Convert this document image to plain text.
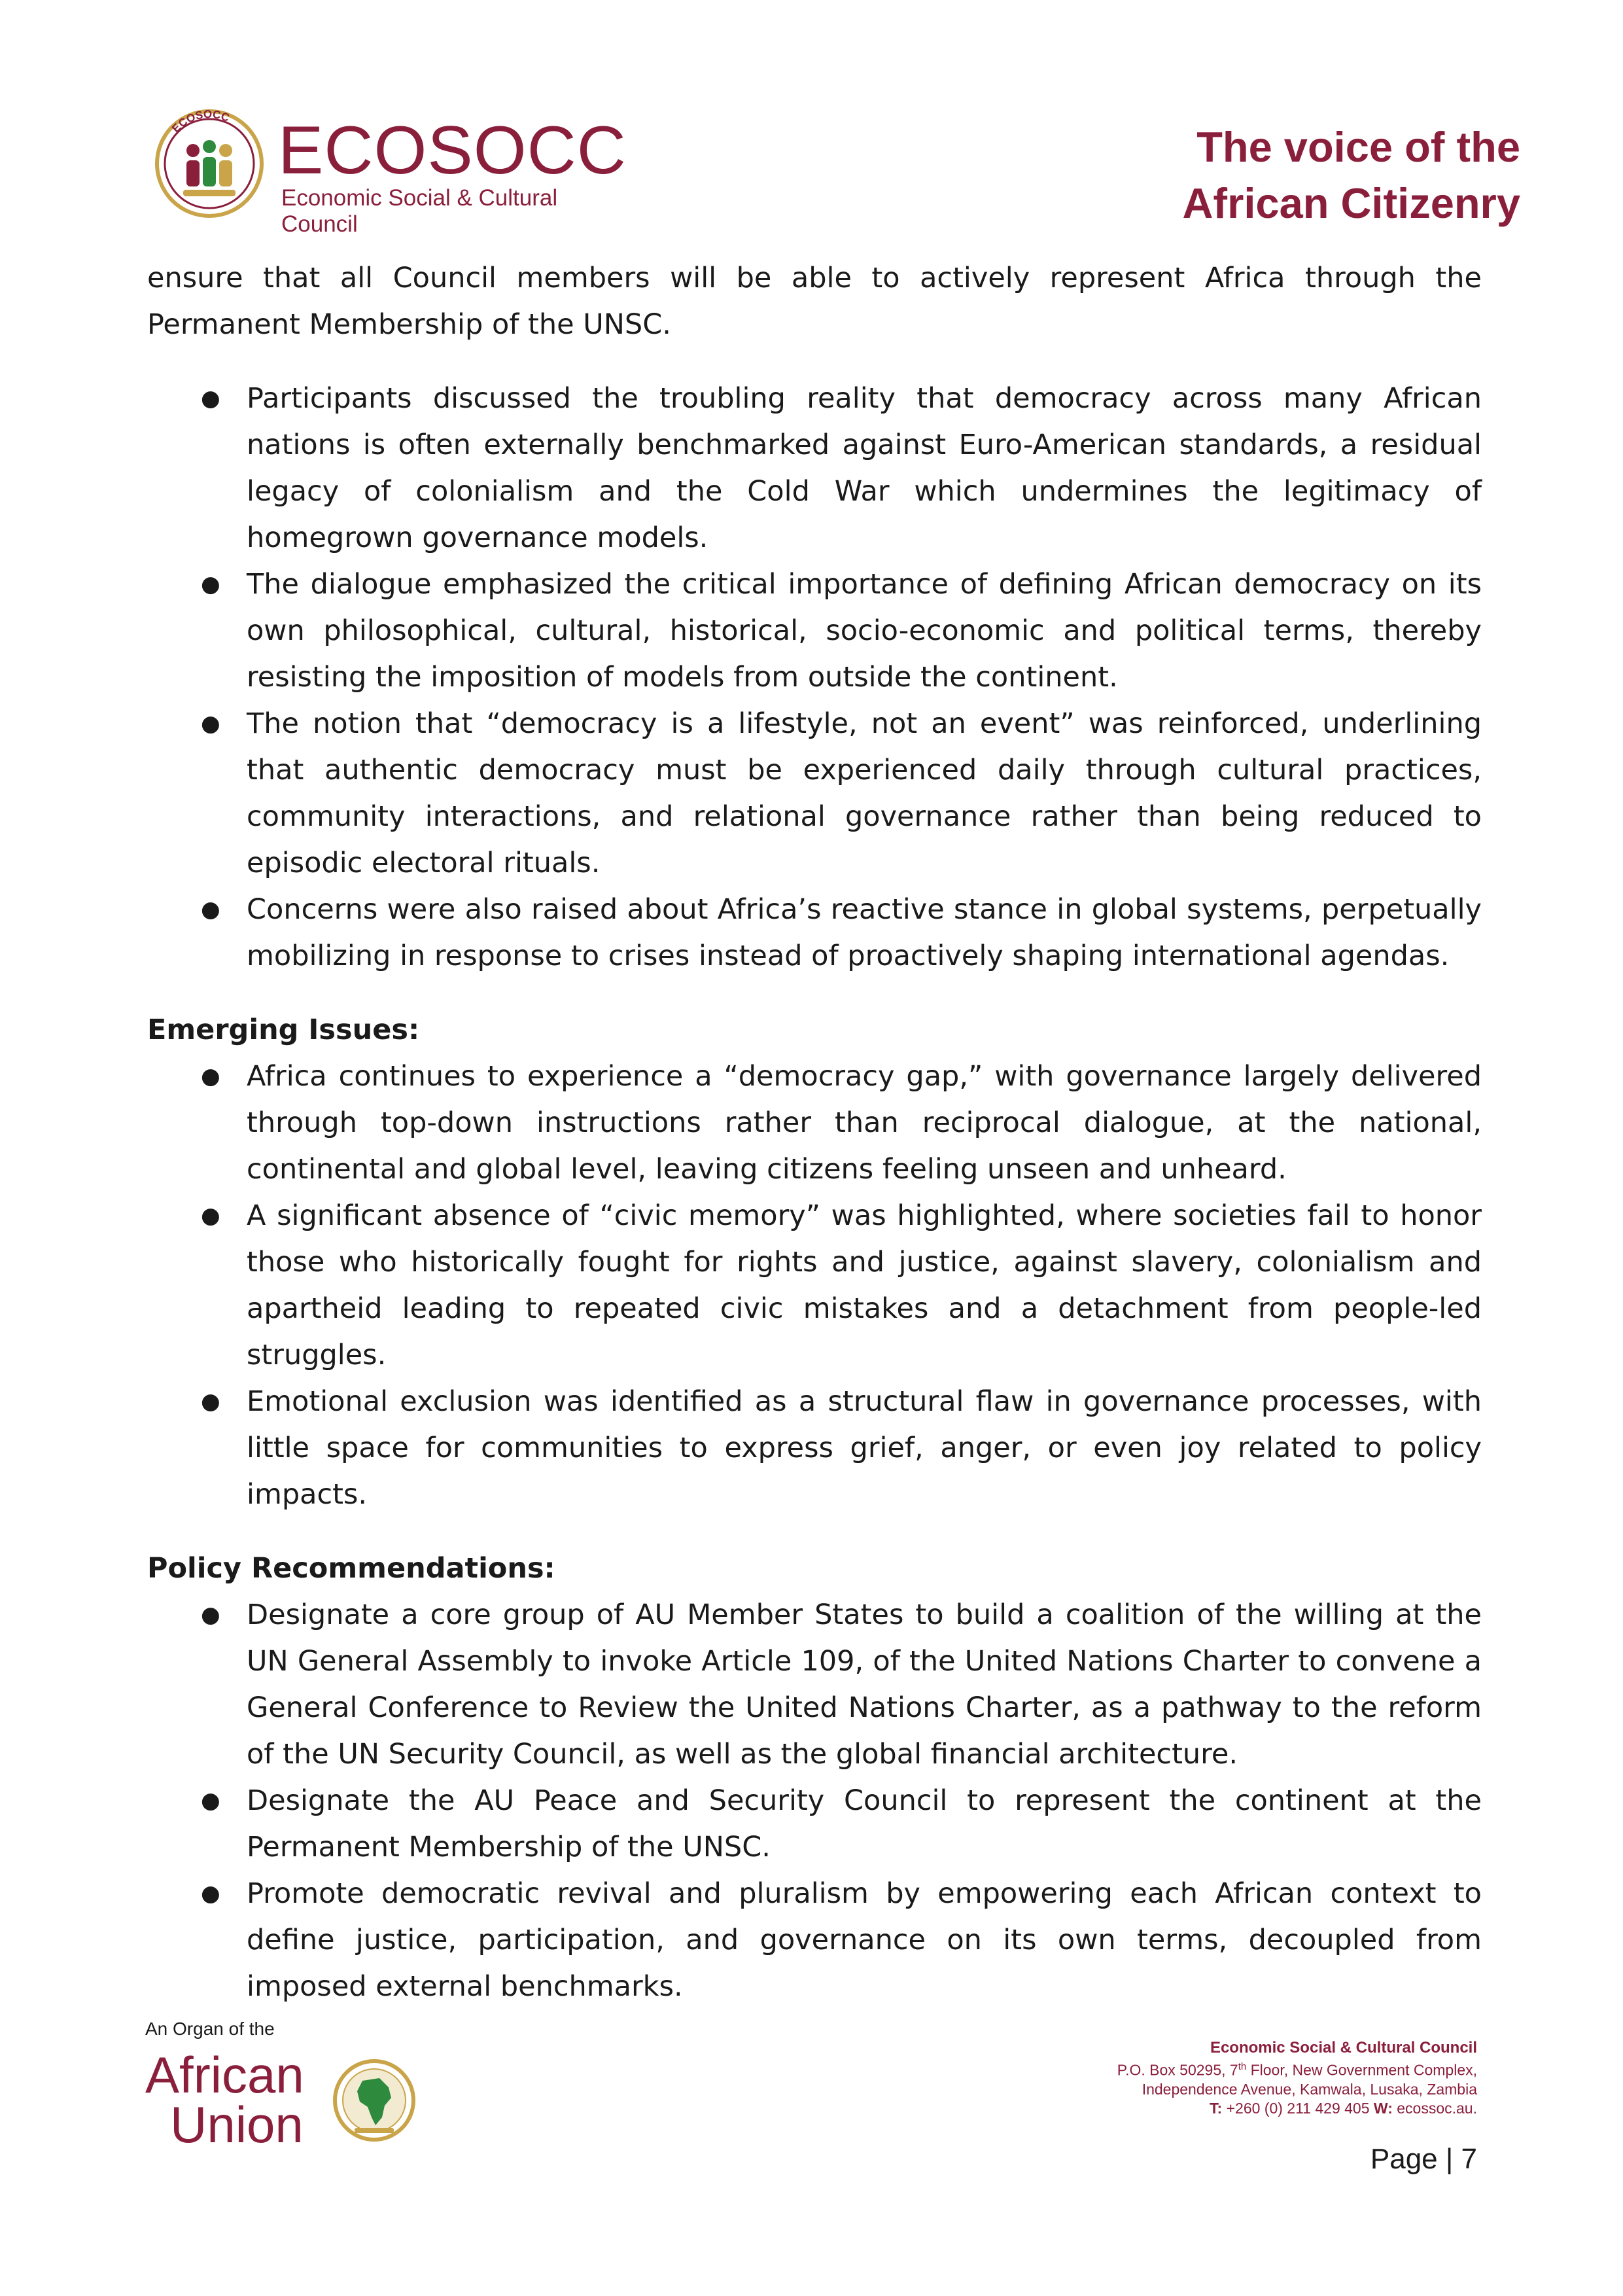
ECOSOCC ECOSOCC
Economic Social & Cultural Council
The voice of the
African Citizenry

ensure that all Council members will be able to actively represent Africa through the Permanent Membership of the UNSC.

● Participants discussed the troubling reality that democracy across many African nations is often externally benchmarked against Euro-American standards, a residual legacy of colonialism and the Cold War which undermines the legitimacy of homegrown governance models.
● The dialogue emphasized the critical importance of defining African democracy on its own philosophical, cultural, historical, socio-economic and political terms, thereby resisting the imposition of models from outside the continent.
● The notion that “democracy is a lifestyle, not an event” was reinforced, underlining that authentic democracy must be experienced daily through cultural practices, community interactions, and relational governance rather than being reduced to episodic electoral rituals.
● Concerns were also raised about Africa’s reactive stance in global systems, perpetually mobilizing in response to crises instead of proactively shaping international agendas.

Emerging Issues:

● Africa continues to experience a “democracy gap,” with governance largely delivered through top-down instructions rather than reciprocal dialogue, at the national, continental and global level, leaving citizens feeling unseen and unheard.
● A significant absence of “civic memory” was highlighted, where societies fail to honor those who historically fought for rights and justice, against slavery, colonialism and apartheid leading to repeated civic mistakes and a detachment from people-led struggles.
● Emotional exclusion was identified as a structural flaw in governance processes, with little space for communities to express grief, anger, or even joy related to policy impacts.

Policy Recommendations:

● Designate a core group of AU Member States to build a coalition of the willing at the UN General Assembly to invoke Article 109, of the United Nations Charter to convene a General Conference to Review the United Nations Charter, as a pathway to the reform of the UN Security Council, as well as the global financial architecture.
● Designate the AU Peace and Security Council to represent the continent at the Permanent Membership of the UNSC.
● Promote democratic revival and pluralism by empowering each African context to define justice, participation, and governance on its own terms, decoupled from imposed external benchmarks.
An Organ of the
African
Union
Economic Social & Cultural Council
P.O. Box 50295, 7th Floor, New Government Complex,
Independence Avenue, Kamwala, Lusaka, Zambia
T: +260 (0) 211 429 405 W: ecossoc.au.
Page | 7
